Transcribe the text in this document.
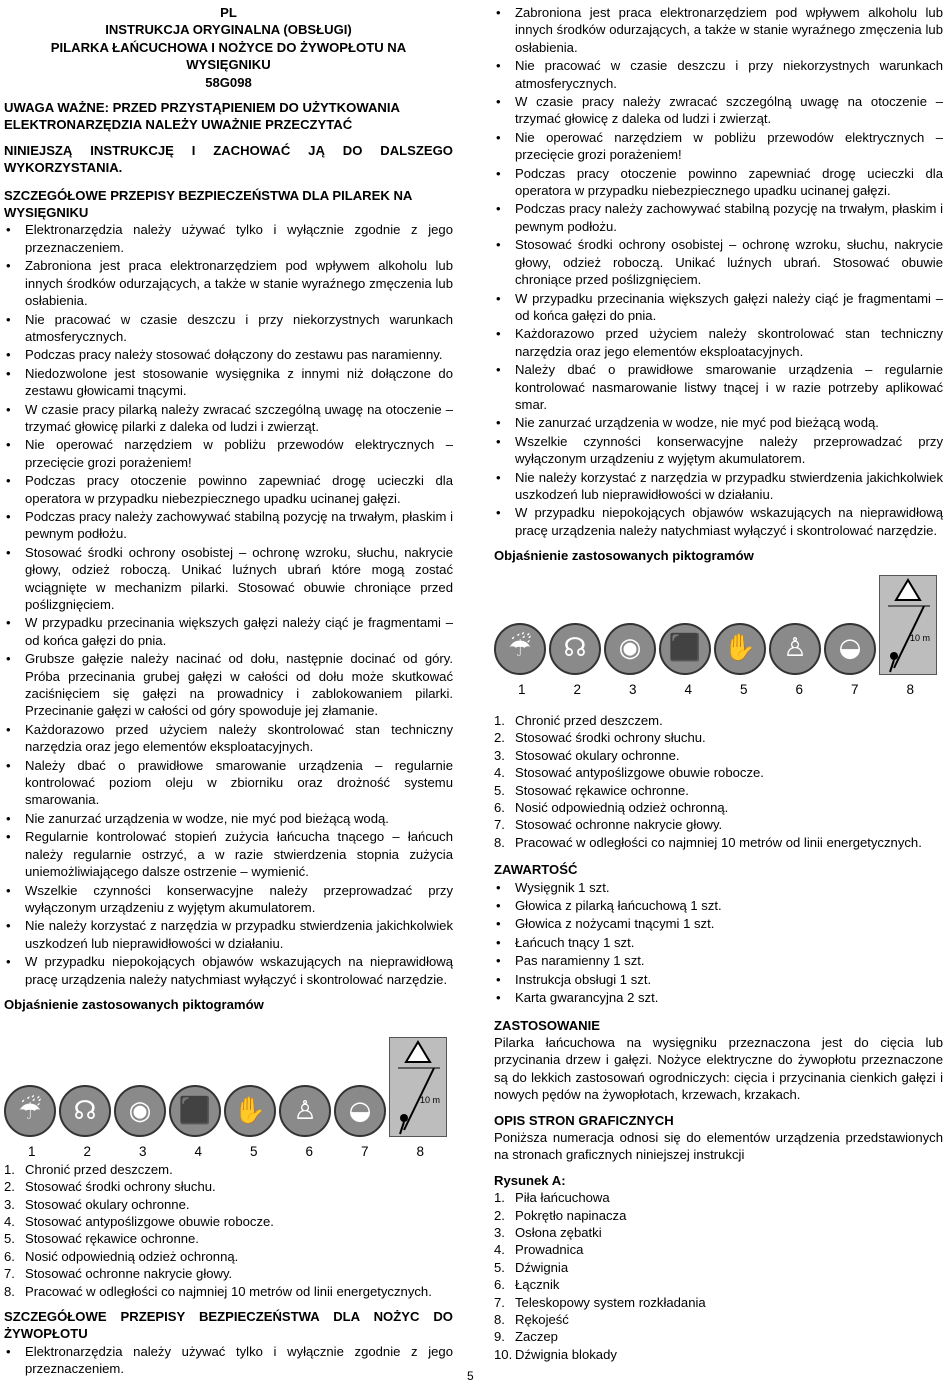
PL
INSTRUKCJA ORYGINALNA (OBSŁUGI)
PILARKA ŁAŃCUCHOWA I NOŻYCE DO ŻYWOPŁOTU NA WYSIĘGNIKU
58G098

UWAGA WAŻNE: PRZED PRZYSTĄPIENIEM DO UŻYTKOWANIA ELEKTRONARZĘDZIA NALEŻY UWAŻNIE PRZECZYTAĆ

NINIEJSZĄ INSTRUKCJĘ I ZACHOWAĆ JĄ DO DALSZEGO WYKORZYSTANIA.

SZCZEGÓŁOWE PRZEPISY BEZPIECZEŃSTWA DLA PILAREK NA WYSIĘGNIKU

• Elektronarzędzia należy używać tylko i wyłącznie zgodnie z jego przeznaczeniem.
• Zabroniona jest praca elektronarzędziem pod wpływem alkoholu lub innych środków odurzających, a także w stanie wyraźnego zmęczenia lub osłabienia.
• Nie pracować w czasie deszczu i przy niekorzystnych warunkach atmosferycznych.
• Podczas pracy należy stosować dołączony do zestawu pas naramienny.
• Niedozwolone jest stosowanie wysięgnika z innymi niż dołączone do zestawu głowicami tnącymi.
• W czasie pracy pilarką należy zwracać szczególną uwagę na otoczenie – trzymać głowicę pilarki z daleka od ludzi i zwierząt.
• Nie operować narzędziem w pobliżu przewodów elektrycznych – przecięcie grozi porażeniem!
• Podczas pracy otoczenie powinno zapewniać drogę ucieczki dla operatora w przypadku niebezpiecznego upadku ucinanej gałęzi.
• Podczas pracy należy zachowywać stabilną pozycję na trwałym, płaskim i pewnym podłożu.
• Stosować środki ochrony osobistej – ochronę wzroku, słuchu, nakrycie głowy, odzież roboczą. Unikać luźnych ubrań które mogą zostać wciągnięte w mechanizm pilarki. Stosować obuwie chroniące przed poślizgnięciem.
• W przypadku przecinania większych gałęzi należy ciąć je fragmentami – od końca gałęzi do pnia.
• Grubsze gałęzie należy nacinać od dołu, następnie docinać od góry. Próba przecinania grubej gałęzi w całości od dołu może skutkować zaciśnięciem się gałęzi na prowadnicy i zablokowaniem pilarki. Przecinanie gałęzi w całości od góry spowoduje jej złamanie.
• Każdorazowo przed użyciem należy skontrolować stan techniczny narzędzia oraz jego elementów eksploatacyjnych.
• Należy dbać o prawidłowe smarowanie urządzenia – regularnie kontrolować poziom oleju w zbiorniku oraz drożność systemu smarowania.
• Nie zanurzać urządzenia w wodze, nie myć pod bieżącą wodą.
• Regularnie kontrolować stopień zużycia łańcucha tnącego – łańcuch należy regularnie ostrzyć, a w razie stwierdzenia stopnia zużycia uniemożliwiającego dalsze ostrzenie – wymienić.
• Wszelkie czynności konserwacyjne należy przeprowadzać przy wyłączonym urządzeniu z wyjętym akumulatorem.
• Nie należy korzystać z narzędzia w przypadku stwierdzenia jakichkolwiek uszkodzeń lub nieprawidłowości w działaniu.
• W przypadku niepokojących objawów wskazujących na nieprawidłową pracę urządzenia należy natychmiast wyłączyć i skontrolować narzędzie.

Objaśnienie zastosowanych piktogramów

☔ ☊ ◉ ⬛ ✋ ♙ ◒	10 m
1	2	3	4	5	6	7	8
1. Chronić przed deszczem.
2. Stosować środki ochrony słuchu.
3. Stosować okulary ochronne.
4. Stosować antypoślizgowe obuwie robocze.
5. Stosować rękawice ochronne.
6. Nosić odpowiednią odzież ochronną.
7. Stosować ochronne nakrycie głowy.
8. Pracować w odległości co najmniej 10 metrów od linii energetycznych.

SZCZEGÓŁOWE PRZEPISY BEZPIECZEŃSTWA DLA NOŻYC DO ŻYWOPŁOTU

• Elektronarzędzia należy używać tylko i wyłącznie zgodnie z jego przeznaczeniem.
• Zabroniona jest praca elektronarzędziem pod wpływem alkoholu lub innych środków odurzających, a także w stanie wyraźnego zmęczenia lub osłabienia.
• Nie pracować w czasie deszczu i przy niekorzystnych warunkach atmosferycznych.
• W czasie pracy należy zwracać szczególną uwagę na otoczenie – trzymać głowicę z daleka od ludzi i zwierząt.
• Nie operować narzędziem w pobliżu przewodów elektrycznych – przecięcie grozi porażeniem!
• Podczas pracy otoczenie powinno zapewniać drogę ucieczki dla operatora w przypadku niebezpiecznego upadku ucinanej gałęzi.
• Podczas pracy należy zachowywać stabilną pozycję na trwałym, płaskim i pewnym podłożu.
• Stosować środki ochrony osobistej – ochronę wzroku, słuchu, nakrycie głowy, odzież roboczą. Unikać luźnych ubrań. Stosować obuwie chroniące przed poślizgnięciem.
• W przypadku przecinania większych gałęzi należy ciąć je fragmentami – od końca gałęzi do pnia.
• Każdorazowo przed użyciem należy skontrolować stan techniczny narzędzia oraz jego elementów eksploatacyjnych.
• Należy dbać o prawidłowe smarowanie urządzenia – regularnie kontrolować nasmarowanie listwy tnącej i w razie potrzeby aplikować smar.
• Nie zanurzać urządzenia w wodze, nie myć pod bieżącą wodą.
• Wszelkie czynności konserwacyjne należy przeprowadzać przy wyłączonym urządzeniu z wyjętym akumulatorem.
• Nie należy korzystać z narzędzia w przypadku stwierdzenia jakichkolwiek uszkodzeń lub nieprawidłowości w działaniu.
• W przypadku niepokojących objawów wskazujących na nieprawidłową pracę urządzenia należy natychmiast wyłączyć i skontrolować narzędzie.

Objaśnienie zastosowanych piktogramów

☔ ☊ ◉ ⬛ ✋ ♙ ◒	10 m
1	2	3	4	5	6	7	8
1. Chronić przed deszczem.
2. Stosować środki ochrony słuchu.
3. Stosować okulary ochronne.
4. Stosować antypoślizgowe obuwie robocze.
5. Stosować rękawice ochronne.
6. Nosić odpowiednią odzież ochronną.
7. Stosować ochronne nakrycie głowy.
8. Pracować w odległości co najmniej 10 metrów od linii energetycznych.

ZAWARTOŚĆ

• Wysięgnik 1 szt.
• Głowica z pilarką łańcuchową 1 szt.
• Głowica z nożycami tnącymi 1 szt.
• Łańcuch tnący 1 szt.
• Pas naramienny 1 szt.
• Instrukcja obsługi 1 szt.
• Karta gwarancyjna 2 szt.

ZASTOSOWANIE

Pilarka łańcuchowa na wysięgniku przeznaczona jest do cięcia lub przycinania drzew i gałęzi. Nożyce elektryczne do żywopłotu przeznaczone są do lekkich zastosowań ogrodniczych: cięcia i przycinania cienkich gałęzi i nowych pędów na żywopłotach, krzewach, krzakach.

OPIS STRON GRAFICZNYCH

Poniższa numeracja odnosi się do elementów urządzenia przedstawionych na stronach graficznych niniejszej instrukcji

Rysunek A:

1. Piła łańcuchowa
2. Pokrętło napinacza
3. Osłona zębatki
4. Prowadnica
5. Dźwignia
6. Łącznik
7. Teleskopowy system rozkładania
8. Rękojeść
9. Zaczep
10. Dźwignia blokady
5
